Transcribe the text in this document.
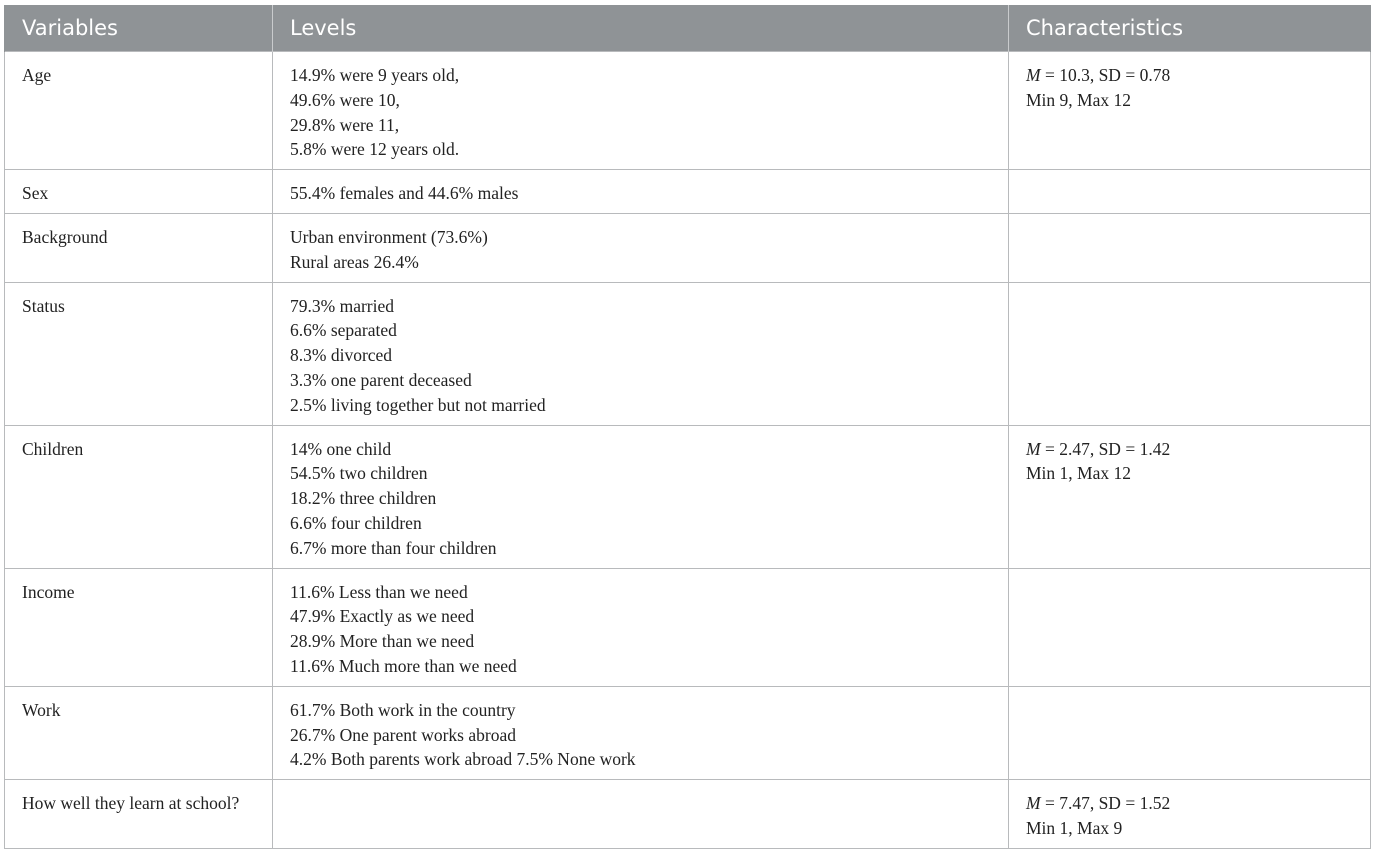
Variables	Levels	Characteristics

Age	14.9% were 9 years old,
49.6% were 10,
29.8% were 11,
5.8% were 12 years old.	M = 10.3, SD = 0.78
Min 9, Max 12

Sex	55.4% females and 44.6% males	

Background	Urban environment (73.6%)
Rural areas 26.4%	

Status	79.3% married
6.6% separated
8.3% divorced
3.3% one parent deceased
2.5% living together but not married	

Children	14% one child
54.5% two children
18.2% three children
6.6% four children
6.7% more than four children	M = 2.47, SD = 1.42
Min 1, Max 12

Income	11.6% Less than we need
47.9% Exactly as we need
28.9% More than we need
11.6% Much more than we need	

Work	61.7% Both work in the country
26.7% One parent works abroad
4.2% Both parents work abroad 7.5% None work	

How well they learn at school?		M = 7.47, SD = 1.52
Min 1, Max 9
